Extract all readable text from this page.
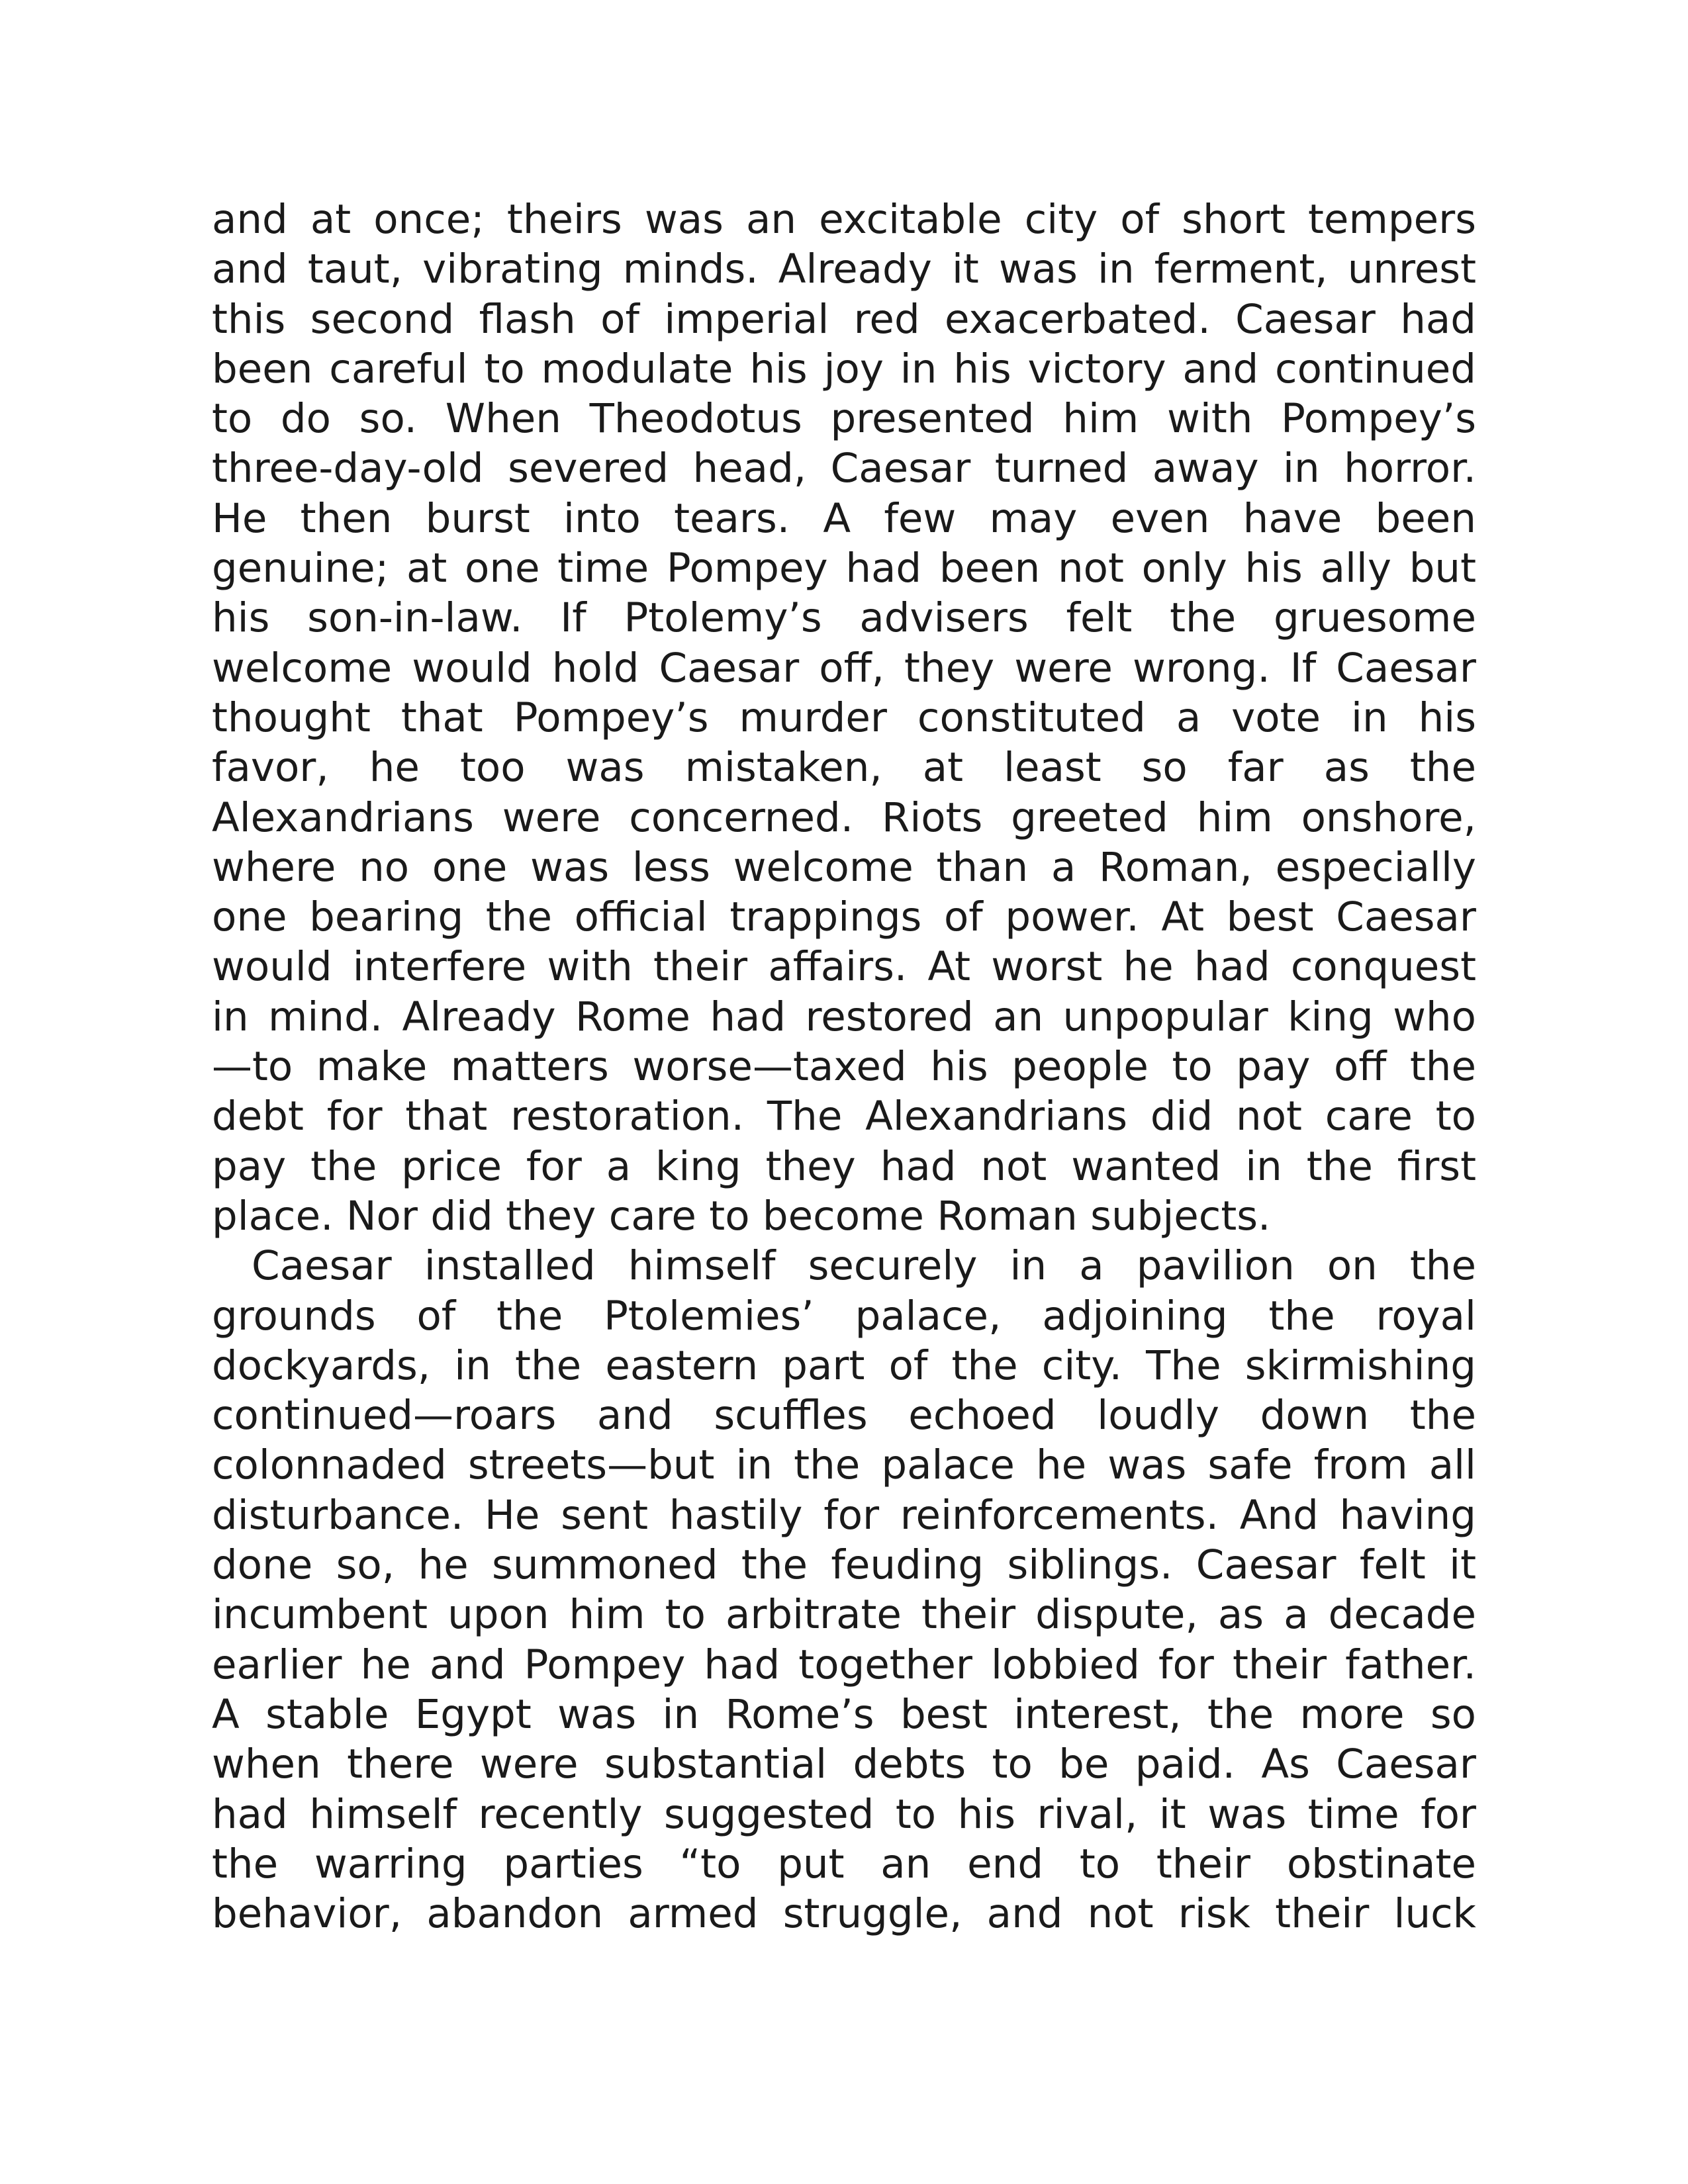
and at once; theirs was an excitable city of short tempers
and taut, vibrating minds. Already it was in ferment, unrest
this second flash of imperial red exacerbated. Caesar had
been careful to modulate his joy in his victory and continued
to do so. When Theodotus presented him with Pompey’s
three-day-old severed head, Caesar turned away in horror.
He then burst into tears. A few may even have been
genuine; at one time Pompey had been not only his ally but
his son-in-law. If Ptolemy’s advisers felt the gruesome
welcome would hold Caesar off, they were wrong. If Caesar
thought that Pompey’s murder constituted a vote in his
favor, he too was mistaken, at least so far as the
Alexandrians were concerned. Riots greeted him onshore,
where no one was less welcome than a Roman, especially
one bearing the official trappings of power. At best Caesar
would interfere with their affairs. At worst he had conquest
in mind. Already Rome had restored an unpopular king who
—to make matters worse—taxed his people to pay off the
debt for that restoration. The Alexandrians did not care to
pay the price for a king they had not wanted in the first
place. Nor did they care to become Roman subjects.
Caesar installed himself securely in a pavilion on the
grounds of the Ptolemies’ palace, adjoining the royal
dockyards, in the eastern part of the city. The skirmishing
continued—roars and scuffles echoed loudly down the
colonnaded streets—but in the palace he was safe from all
disturbance. He sent hastily for reinforcements. And having
done so, he summoned the feuding siblings. Caesar felt it
incumbent upon him to arbitrate their dispute, as a decade
earlier he and Pompey had together lobbied for their father.
A stable Egypt was in Rome’s best interest, the more so
when there were substantial debts to be paid. As Caesar
had himself recently suggested to his rival, it was time for
the warring parties “to put an end to their obstinate
behavior, abandon armed struggle, and not risk their luck
